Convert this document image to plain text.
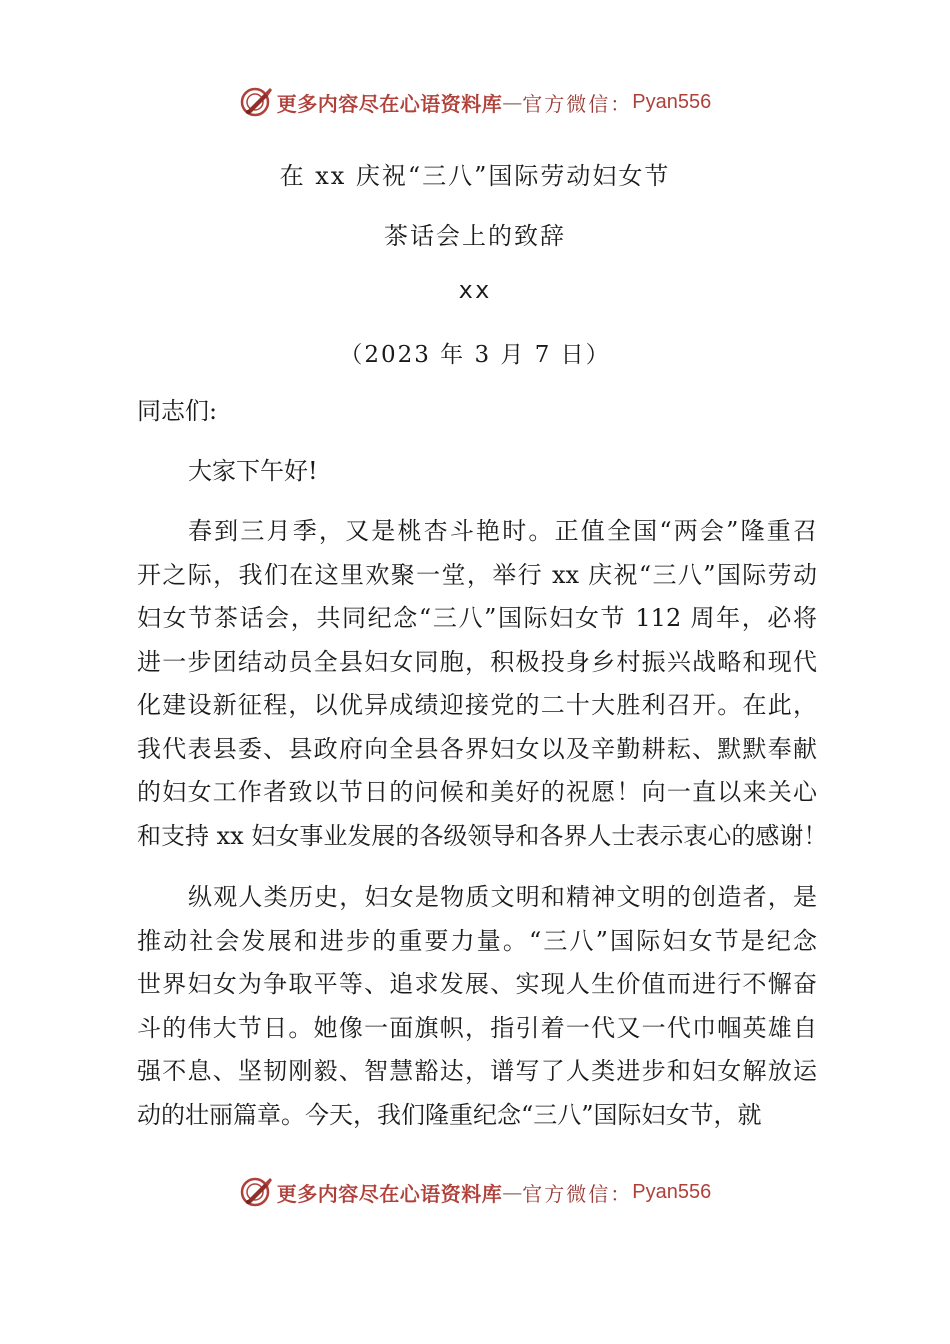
更多内容尽在心语资料库 — 官方微信： Pyan556
在 xx 庆祝“三八”国际劳动妇女节
茶话会上的致辞
xx
（2023 年 3 月 7 日）
同志们:
大家下午好!
春到三月季，又是桃杏斗艳时。正值全国“两会”隆重召
开之际，我们在这里欢聚一堂，举行 xx 庆祝“三八”国际劳动
妇女节茶话会，共同纪念“三八”国际妇女节 112 周年，必将
进一步团结动员全县妇女同胞，积极投身乡村振兴战略和现代
化建设新征程，以优异成绩迎接党的二十大胜利召开。在此，
我代表县委、县政府向全县各界妇女以及辛勤耕耘、默默奉献
的妇女工作者致以节日的问候和美好的祝愿！向一直以来关心
和支持 xx 妇女事业发展的各级领导和各界人士表示衷心的感谢！
纵观人类历史，妇女是物质文明和精神文明的创造者，是
推动社会发展和进步的重要力量。“三八”国际妇女节是纪念
世界妇女为争取平等、追求发展、实现人生价值而进行不懈奋
斗的伟大节日。她像一面旗帜，指引着一代又一代巾帼英雄自
强不息、坚韧刚毅、智慧豁达，谱写了人类进步和妇女解放运
动的壮丽篇章。今天，我们隆重纪念“三八”国际妇女节，就
更多内容尽在心语资料库 — 官方微信： Pyan556
